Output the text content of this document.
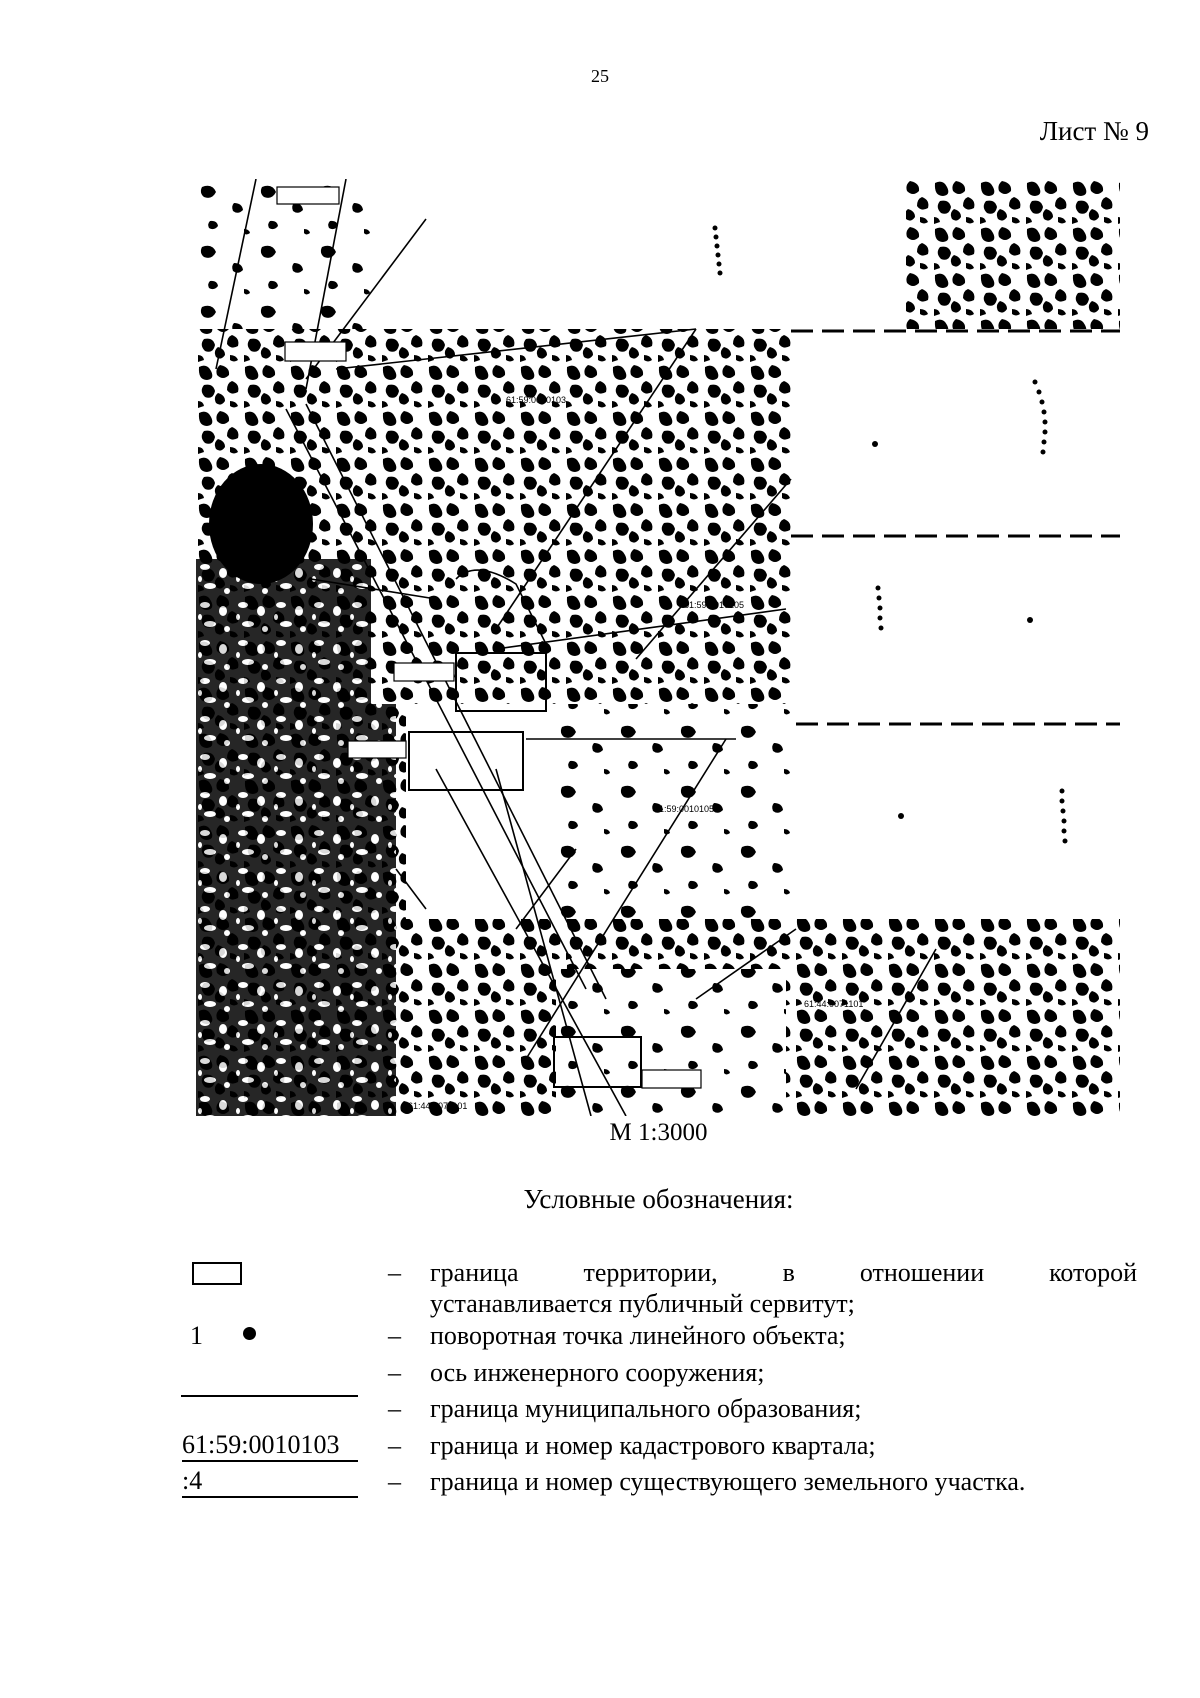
25
Лист № 9
61:59:0010103
61:59:0010105
61:59:0010105
61:44:0071101
61:44:0071101
М 1:3000
Условные обозначения:
– граница территории, в отношении которой
устанавливается публичный сервитут;
1	– поворотная точка линейного объекта;
– ось инженерного сооружения;
– граница муниципального образования;
61:59:0010103	– граница и номер кадастрового квартала;
:4	– граница и номер существующего земельного участка.
